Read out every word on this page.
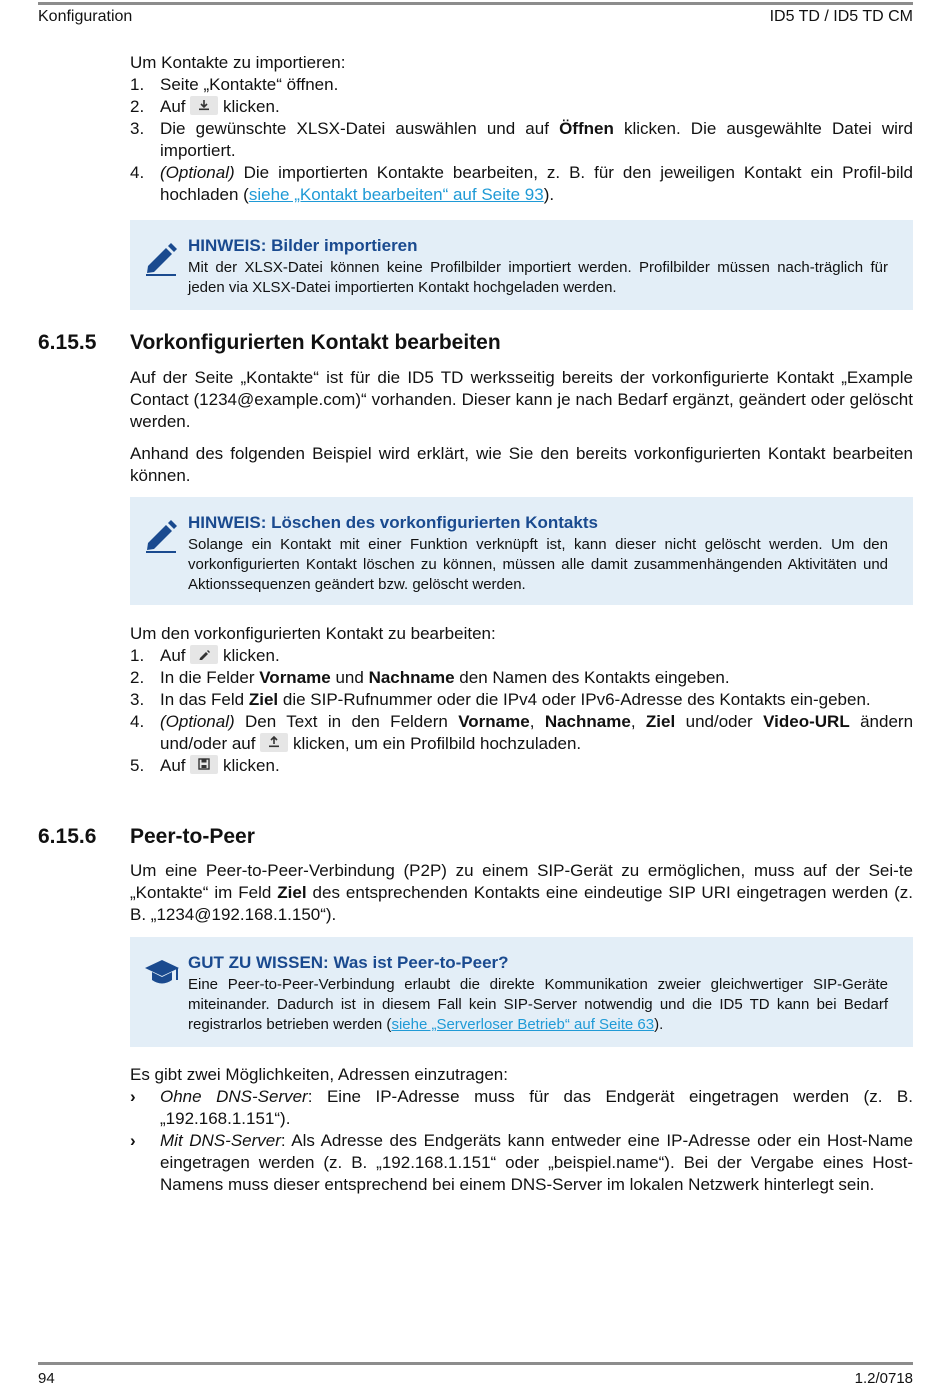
Konfiguration	ID5 TD / ID5 TD CM

Um Kontakte zu importieren:

1. Seite „Kontakte“ öffnen.
2. Auf klicken.
3. Die gewünschte XLSX-Datei auswählen und auf Öffnen klicken. Die ausgewählte Datei wird importiert.
4. (Optional) Die importierten Kontakte bearbeiten, z. B. für den jeweiligen Kontakt ein Profil-bild hochladen (siehe „Kontakt bearbeiten“ auf Seite 93).
HINWEIS: Bilder importieren
Mit der XLSX-Datei können keine Profilbilder importiert werden. Profilbilder müssen nach-träglich für jeden via XLSX-Datei importierten Kontakt hochgeladen werden.
6.15.5 Vorkonfigurierten Kontakt bearbeiten

Auf der Seite „Kontakte“ ist für die ID5 TD werksseitig bereits der vorkonfigurierte Kontakt „Example Contact (1234@example.com)“ vorhanden. Dieser kann je nach Bedarf ergänzt, geändert oder gelöscht werden.

Anhand des folgenden Beispiel wird erklärt, wie Sie den bereits vorkonfigurierten Kontakt bearbeiten können.

HINWEIS: Löschen des vorkonfigurierten Kontakts
Solange ein Kontakt mit einer Funktion verknüpft ist, kann dieser nicht gelöscht werden. Um den vorkonfigurierten Kontakt löschen zu können, müssen alle damit zusammenhängenden Aktivitäten und Aktionssequenzen geändert bzw. gelöscht werden.

Um den vorkonfigurierten Kontakt zu bearbeiten:

1. Auf klicken.
2. In die Felder Vorname und Nachname den Namen des Kontakts eingeben.
3. In das Feld Ziel die SIP-Rufnummer oder die IPv4 oder IPv6-Adresse des Kontakts ein-geben.
4. (Optional) Den Text in den Feldern Vorname, Nachname, Ziel und/oder Video-URL ändern und/oder auf klicken, um ein Profilbild hochzuladen.
5. Auf klicken.
6.15.6 Peer-to-Peer

Um eine Peer-to-Peer-Verbindung (P2P) zu einem SIP-Gerät zu ermöglichen, muss auf der Sei-te „Kontakte“ im Feld Ziel des entsprechenden Kontakts eine eindeutige SIP URI eingetragen werden (z. B. „1234@192.168.1.150“).

GUT ZU WISSEN: Was ist Peer-to-Peer?
Eine Peer-to-Peer-Verbindung erlaubt die direkte Kommunikation zweier gleichwertiger SIP-Geräte miteinander. Dadurch ist in diesem Fall kein SIP-Server notwendig und die ID5 TD kann bei Bedarf registrarlos betrieben werden (siehe „Serverloser Betrieb“ auf Seite 63).

Es gibt zwei Möglichkeiten, Adressen einzutragen:

› Ohne DNS-Server: Eine IP-Adresse muss für das Endgerät eingetragen werden (z. B. „192.168.1.151“).
› Mit DNS-Server: Als Adresse des Endgeräts kann entweder eine IP-Adresse oder ein Host-Name eingetragen werden (z. B. „192.168.1.151“ oder „beispiel.name“). Bei der Vergabe eines Host-Namens muss dieser entsprechend bei einem DNS-Server im lokalen Netzwerk hinterlegt sein.
94	1.2/0718
